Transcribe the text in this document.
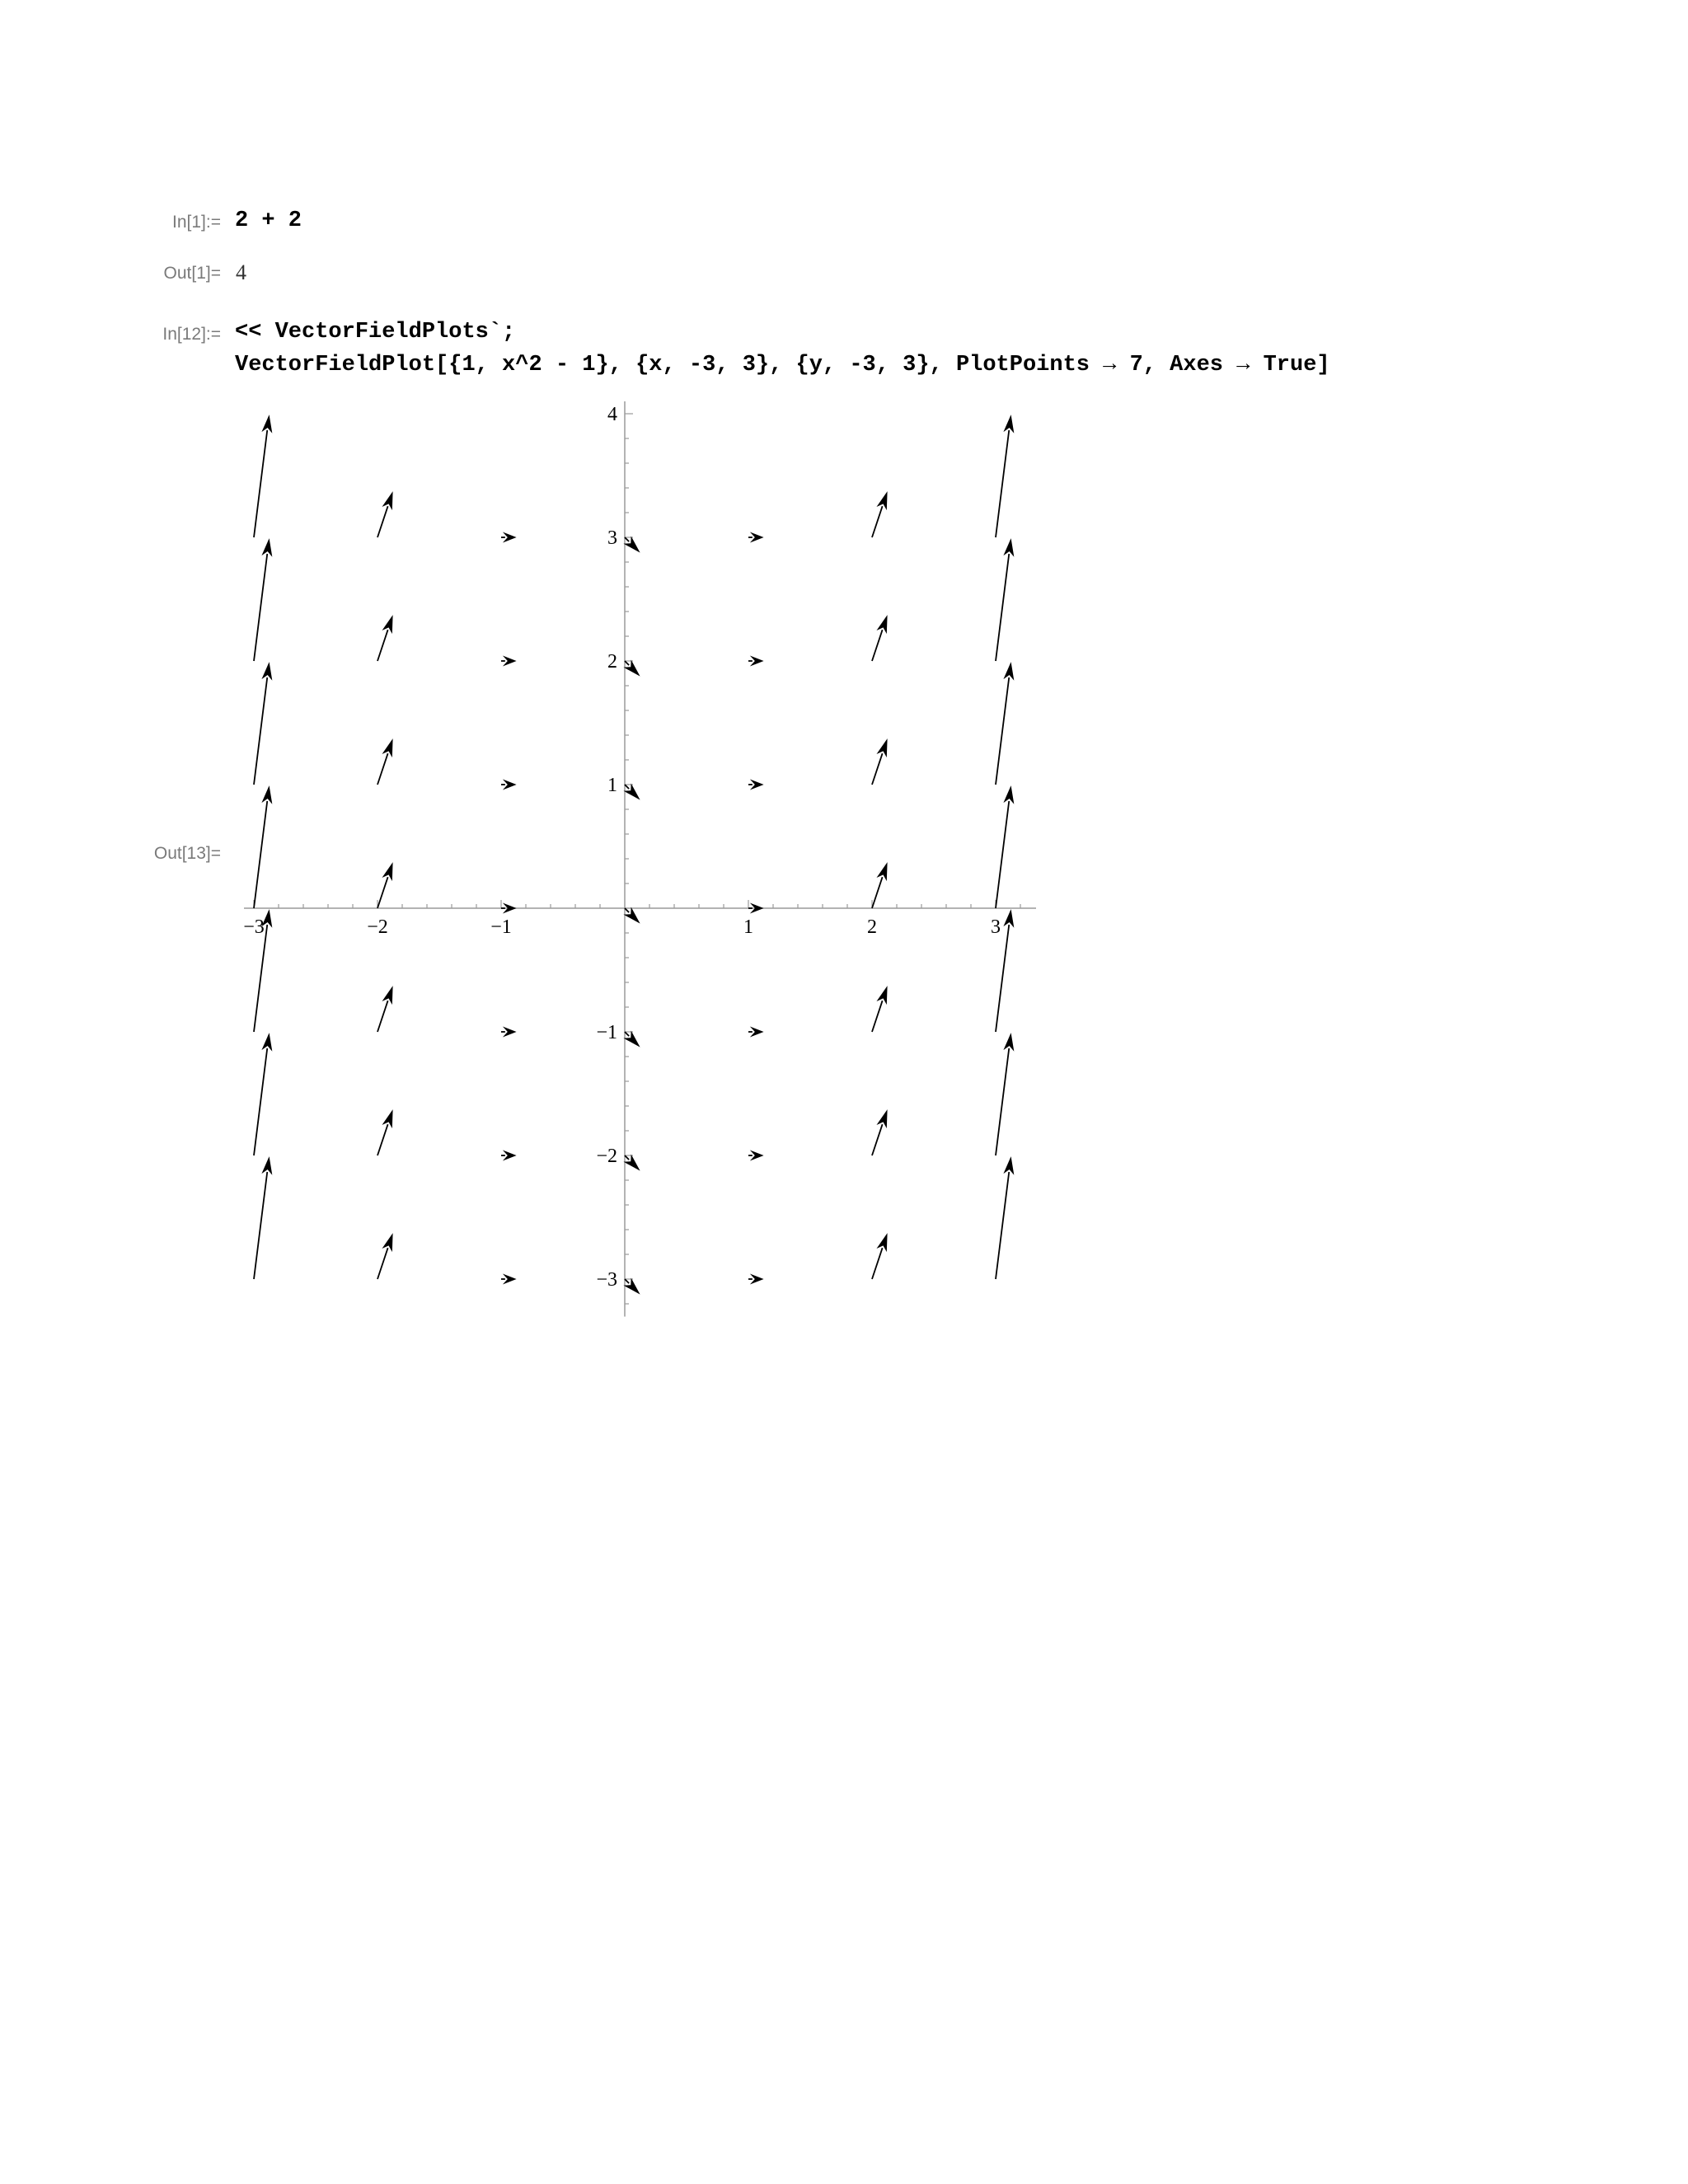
In[1]:= 2 + 2
Out[1]= 4
In[12]:= << VectorFieldPlots`;
VectorFieldPlot[{1, x^2 - 1}, {x, -3, 3}, {y, -3, 3}, PlotPoints → 7, Axes → True]
Out[13]=
−3	−2	−1	1	2	3
−3
−2
−1
1
2
3
4
